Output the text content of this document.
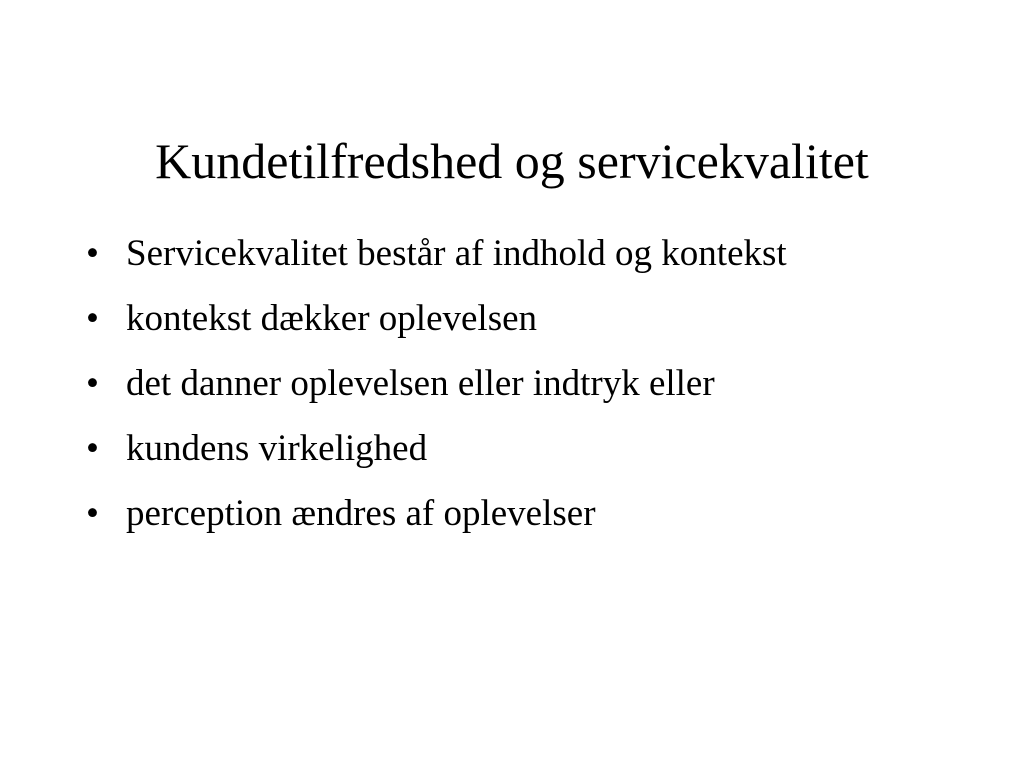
Kundetilfredshed og servicekvalitet
• Servicekvalitet består af indhold og kontekst
• kontekst dækker oplevelsen
• det danner oplevelsen eller indtryk eller
• kundens virkelighed
• perception ændres af oplevelser
